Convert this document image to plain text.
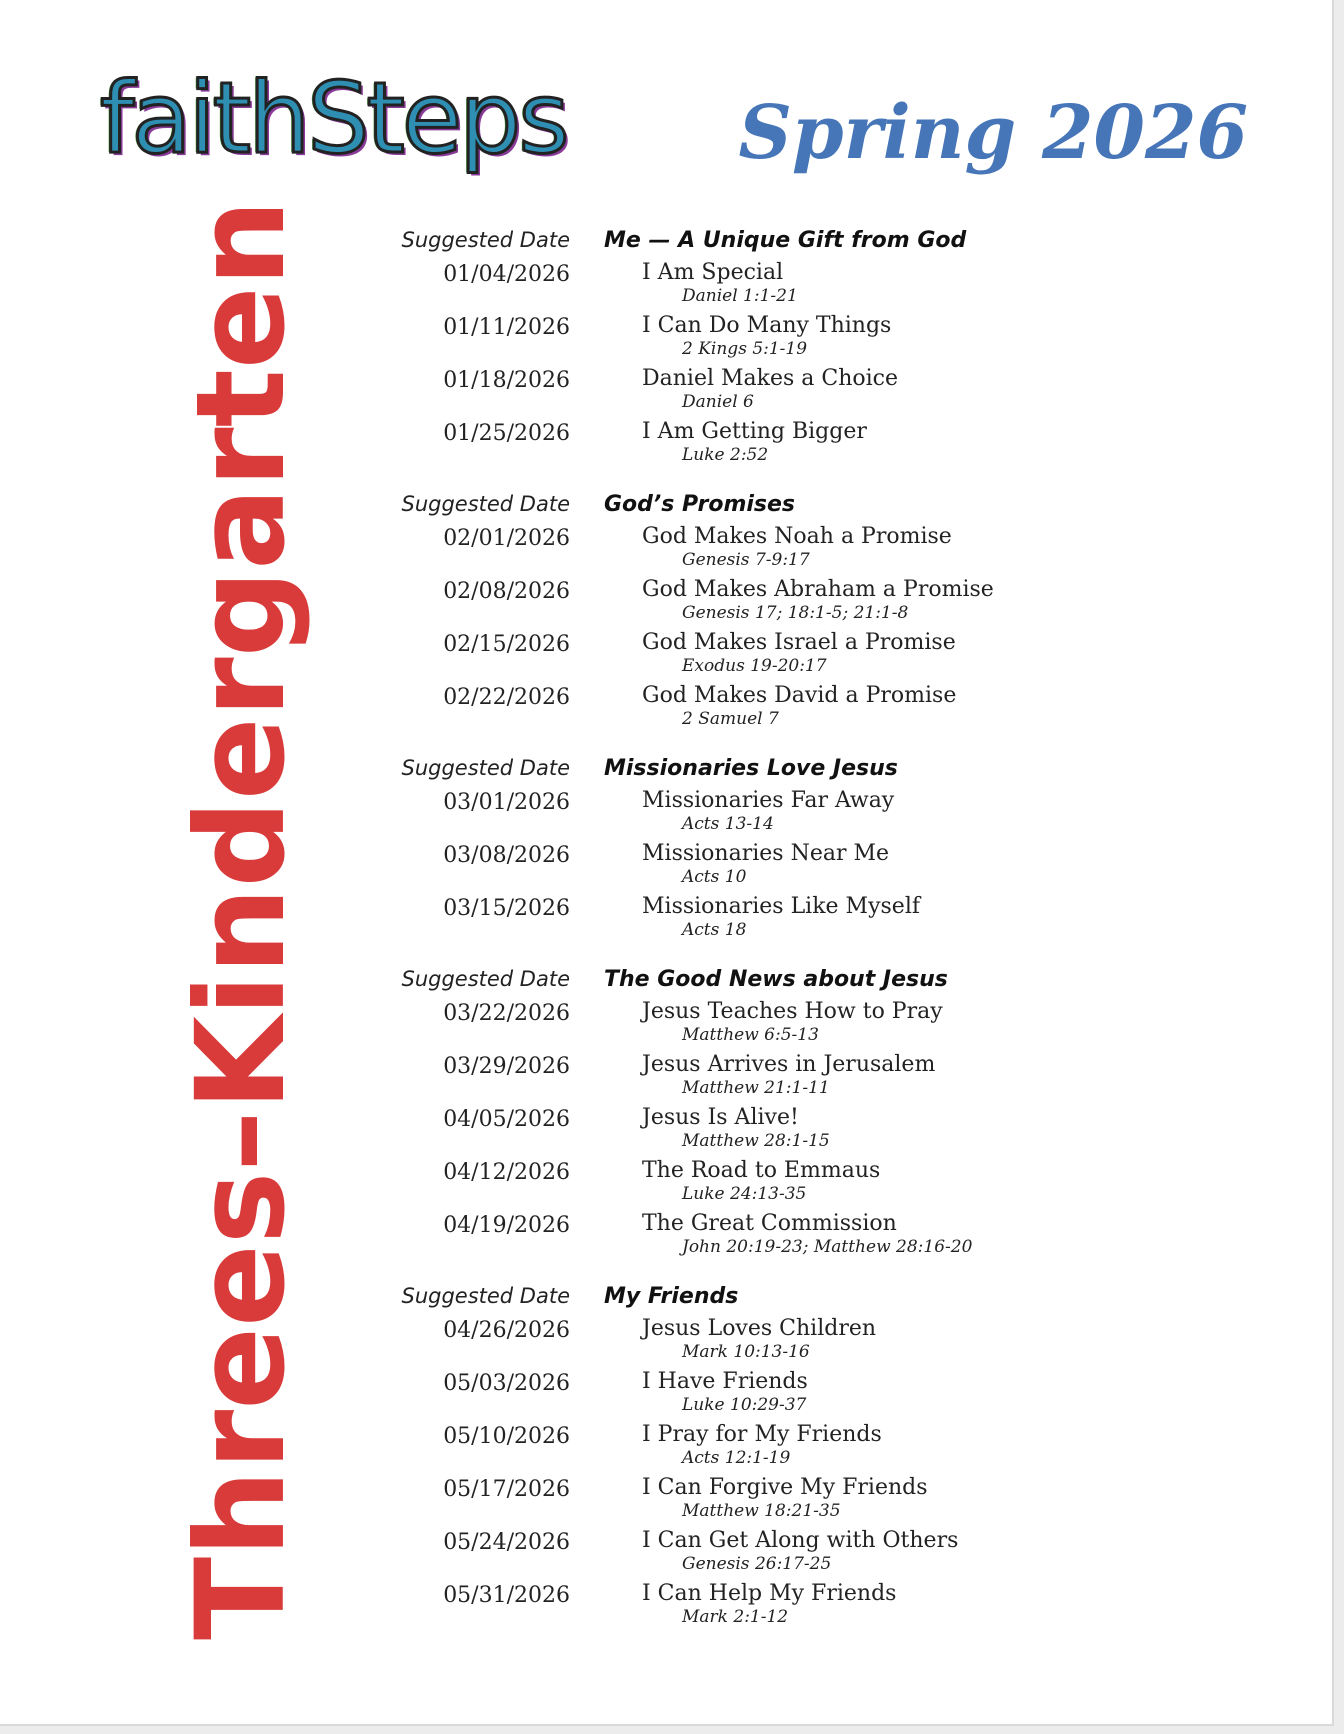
faithSteps Spring 2026
Threes–Kindergarten	Suggested Date Me — A Unique Gift from God
01/04/2026	I Am Special
Daniel 1:1-21
01/11/2026	I Can Do Many Things
2 Kings 5:1-19
01/18/2026	Daniel Makes a Choice
Daniel 6
01/25/2026	I Am Getting Bigger
Luke 2:52
Suggested Date God’s Promises
02/01/2026	God Makes Noah a Promise
Genesis 7-9:17
02/08/2026	God Makes Abraham a Promise
Genesis 17; 18:1-5; 21:1-8
02/15/2026	God Makes Israel a Promise
Exodus 19-20:17
02/22/2026	God Makes David a Promise
2 Samuel 7
Suggested Date Missionaries Love Jesus
03/01/2026	Missionaries Far Away
Acts 13-14
03/08/2026	Missionaries Near Me
Acts 10
03/15/2026	Missionaries Like Myself
Acts 18
Suggested Date The Good News about Jesus
03/22/2026	Jesus Teaches How to Pray
Matthew 6:5-13
03/29/2026	Jesus Arrives in Jerusalem
Matthew 21:1-11
04/05/2026	Jesus Is Alive!
Matthew 28:1-15
04/12/2026	The Road to Emmaus
Luke 24:13-35
04/19/2026	The Great Commission
John 20:19-23; Matthew 28:16-20
Suggested Date My Friends
04/26/2026	Jesus Loves Children
Mark 10:13-16
05/03/2026	I Have Friends
Luke 10:29-37
05/10/2026	I Pray for My Friends
Acts 12:1-19
05/17/2026	I Can Forgive My Friends
Matthew 18:21-35
05/24/2026	I Can Get Along with Others
Genesis 26:17-25
05/31/2026	I Can Help My Friends
Mark 2:1-12
